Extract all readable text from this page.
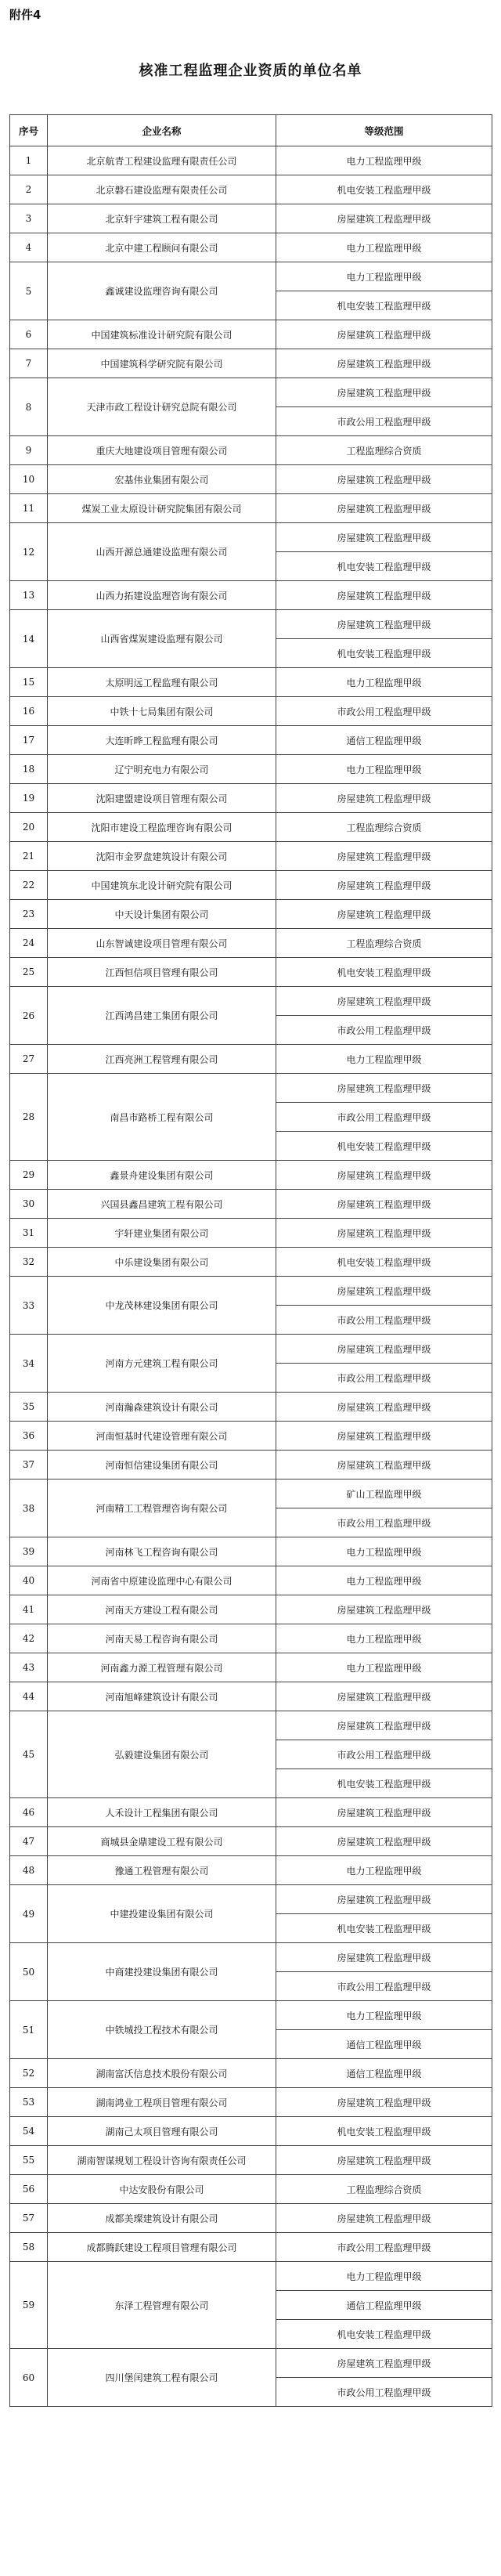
附件4
核准工程监理企业资质的单位名单
序号	企业名称	等级范围
1	北京航青工程建设监理有限责任公司	电力工程监理甲级
2	北京磐石建设监理有限责任公司	机电安装工程监理甲级
3	北京轩宇建筑工程有限公司	房屋建筑工程监理甲级
4	北京中建工程顾问有限公司	电力工程监理甲级
5	鑫诚建设监理咨询有限公司	电力工程监理甲级
		机电安装工程监理甲级
6	中国建筑标准设计研究院有限公司	房屋建筑工程监理甲级
7	中国建筑科学研究院有限公司	房屋建筑工程监理甲级
8	天津市政工程设计研究总院有限公司	房屋建筑工程监理甲级
		市政公用工程监理甲级
9	重庆大地建设项目管理有限公司	工程监理综合资质
10	宏基伟业集团有限公司	房屋建筑工程监理甲级
11	煤炭工业太原设计研究院集团有限公司	房屋建筑工程监理甲级
12	山西开源总通建设监理有限公司	房屋建筑工程监理甲级
		机电安装工程监理甲级
13	山西力拓建设监理咨询有限公司	房屋建筑工程监理甲级
14	山西省煤炭建设监理有限公司	房屋建筑工程监理甲级
		机电安装工程监理甲级
15	太原明远工程监理有限公司	电力工程监理甲级
16	中铁十七局集团有限公司	市政公用工程监理甲级
17	大连昕晔工程监理有限公司	通信工程监理甲级
18	辽宁明充电力有限公司	电力工程监理甲级
19	沈阳建盟建设项目管理有限公司	房屋建筑工程监理甲级
20	沈阳市建设工程监理咨询有限公司	工程监理综合资质
21	沈阳市金罗盘建筑设计有限公司	房屋建筑工程监理甲级
22	中国建筑东北设计研究院有限公司	房屋建筑工程监理甲级
23	中天设计集团有限公司	房屋建筑工程监理甲级
24	山东智诚建设项目管理有限公司	工程监理综合资质
25	江西恒信项目管理有限公司	机电安装工程监理甲级
26	江西鸿昌建工集团有限公司	房屋建筑工程监理甲级
		市政公用工程监理甲级
27	江西亮洲工程管理有限公司	电力工程监理甲级
28	南昌市路桥工程有限公司	房屋建筑工程监理甲级
		市政公用工程监理甲级
		机电安装工程监理甲级
29	鑫景舟建设集团有限公司	房屋建筑工程监理甲级
30	兴国县鑫昌建筑工程有限公司	房屋建筑工程监理甲级
31	宇轩建业集团有限公司	房屋建筑工程监理甲级
32	中乐建设集团有限公司	机电安装工程监理甲级
33	中龙茂林建设集团有限公司	房屋建筑工程监理甲级
		市政公用工程监理甲级
34	河南方元建筑工程有限公司	房屋建筑工程监理甲级
		市政公用工程监理甲级
35	河南瀚森建筑设计有限公司	房屋建筑工程监理甲级
36	河南恒基时代建设管理有限公司	房屋建筑工程监理甲级
37	河南恒信建设集团有限公司	房屋建筑工程监理甲级
38	河南精工工程管理咨询有限公司	矿山工程监理甲级
		市政公用工程监理甲级
39	河南林飞工程咨询有限公司	电力工程监理甲级
40	河南省中原建设监理中心有限公司	电力工程监理甲级
41	河南天方建设工程有限公司	房屋建筑工程监理甲级
42	河南天易工程咨询有限公司	电力工程监理甲级
43	河南鑫力源工程管理有限公司	电力工程监理甲级
44	河南旭峰建筑设计有限公司	房屋建筑工程监理甲级
45	弘毅建设集团有限公司	房屋建筑工程监理甲级
		市政公用工程监理甲级
		机电安装工程监理甲级
46	人禾设计工程集团有限公司	房屋建筑工程监理甲级
47	商城县金鼎建设工程有限公司	房屋建筑工程监理甲级
48	豫通工程管理有限公司	电力工程监理甲级
49	中建投建设集团有限公司	房屋建筑工程监理甲级
		机电安装工程监理甲级
50	中商建投建设集团有限公司	房屋建筑工程监理甲级
		市政公用工程监理甲级
51	中铁城投工程技术有限公司	电力工程监理甲级
		通信工程监理甲级
52	湖南富沃信息技术股份有限公司	通信工程监理甲级
53	湖南鸿业工程项目管理有限公司	房屋建筑工程监理甲级
54	湖南己太项目管理有限公司	机电安装工程监理甲级
55	湖南智谋规划工程设计咨询有限责任公司	房屋建筑工程监理甲级
56	中达安股份有限公司	工程监理综合资质
57	成都美璨建筑设计有限公司	房屋建筑工程监理甲级
58	成都腾跃建设工程项目管理有限公司	市政公用工程监理甲级
59	东泽工程管理有限公司	电力工程监理甲级
		通信工程监理甲级
		机电安装工程监理甲级
60	四川堡闰建筑工程有限公司	房屋建筑工程监理甲级
		市政公用工程监理甲级
